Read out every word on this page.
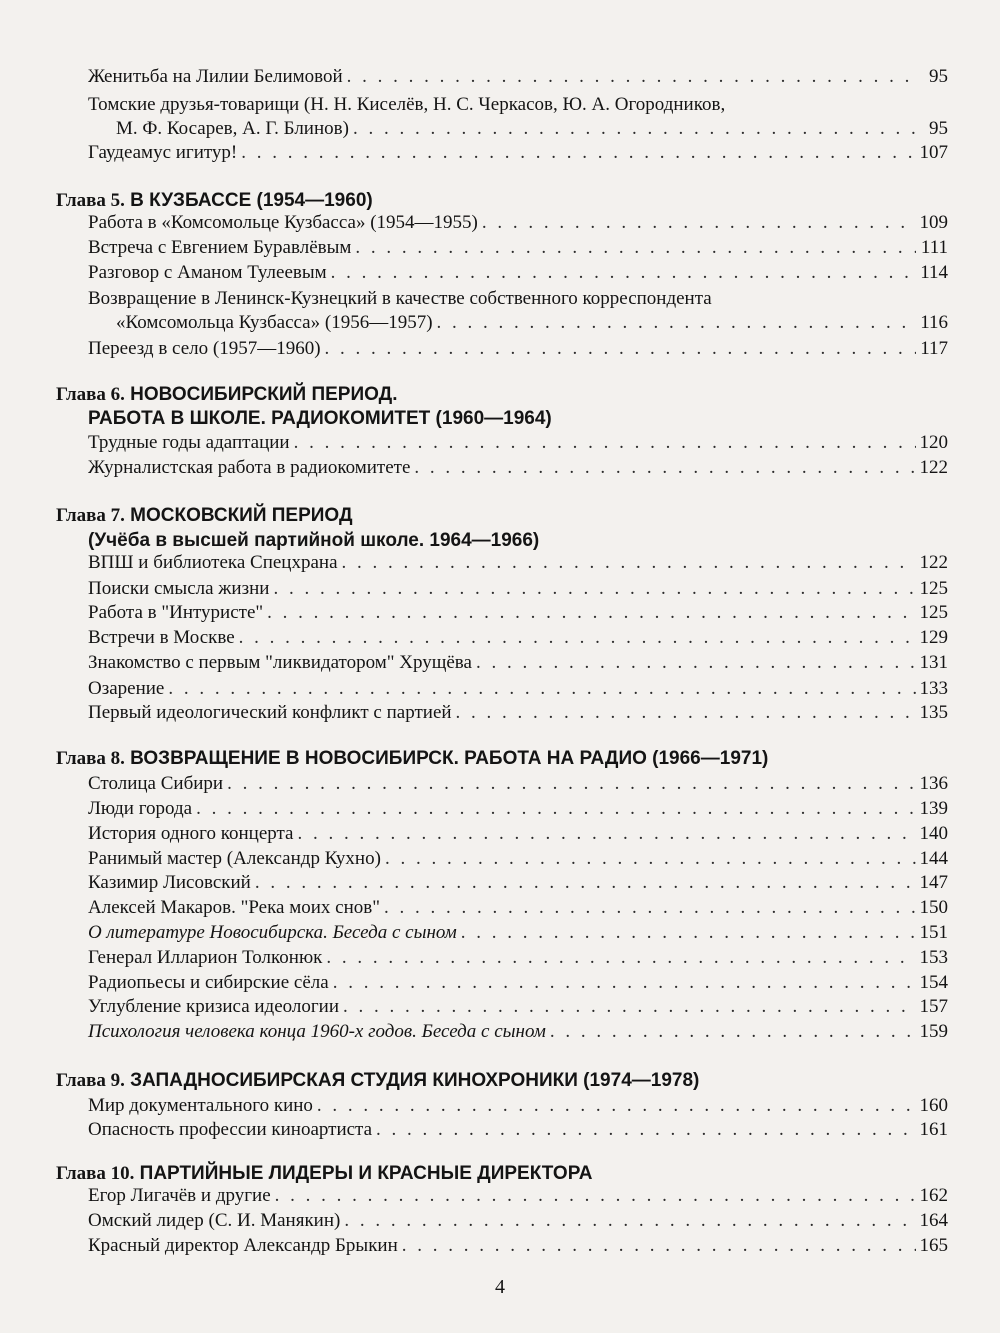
Женитьба на Лилии Белимовой . . .	95
Томские друзья-товарищи (Н. Н. Киселёв, Н. С. Черкасов, Ю. А. Огородников,
М. Ф. Косарев, А. Г. Блинов) . . .	95
Гаудеамус игитур! . . .	107
Глава 5. В КУЗБАССЕ (1954—1960)
Работа в «Комсомольце Кузбасса» (1954—1955) . . .	109
Встреча с Евгением Буравлёвым . . .	111
Разговор с Аманом Тулеевым . . .	114
Возвращение в Ленинск-Кузнецкий в качестве собственного корреспондента
«Комсомольца Кузбасса» (1956—1957) . . .	116
Переезд в село (1957—1960) . . .	117
Глава 6. НОВОСИБИРСКИЙ ПЕРИОД.
РАБОТА В ШКОЛЕ. РАДИОКОМИТЕТ (1960—1964)
Трудные годы адаптации . . .	120
Журналистская работа в радиокомитете . . .	122
Глава 7. МОСКОВСКИЙ ПЕРИОД
(Учёба в высшей партийной школе. 1964—1966)
ВПШ и библиотека Спецхрана . . .	122
Поиски смысла жизни . . .	125
Работа в "Интуристе" . . .	125
Встречи в Москве . . .	129
Знакомство с первым "ликвидатором" Хрущёва . . .	131
Озарение . . .	133
Первый идеологический конфликт с партией . . .	135
Глава 8. ВОЗВРАЩЕНИЕ В НОВОСИБИРСК. РАБОТА НА РАДИО (1966—1971)
Столица Сибири . . .	136
Люди города . . .	139
История одного концерта . . .	140
Ранимый мастер (Александр Кухно) . . .	144
Казимир Лисовский . . .	147
Алексей Макаров. "Река моих снов" . . .	150
О литературе Новосибирска. Беседа с сыном . . .	151
Генерал Илларион Толконюк . . .	153
Радиопьесы и сибирские сёла . . .	154
Углубление кризиса идеологии . . .	157
Психология человека конца 1960-х годов. Беседа с сыном . . .	159
Глава 9. ЗАПАДНОСИБИРСКАЯ СТУДИЯ КИНОХРОНИКИ (1974—1978)
Мир документального кино . . .	160
Опасность профессии киноартиста . . .	161
Глава 10. ПАРТИЙНЫЕ ЛИДЕРЫ И КРАСНЫЕ ДИРЕКТОРА
Егор Лигачёв и другие . . .	162
Омский лидер (С. И. Манякин) . . .	164
Красный директор Александр Брыкин . . .	165
4
